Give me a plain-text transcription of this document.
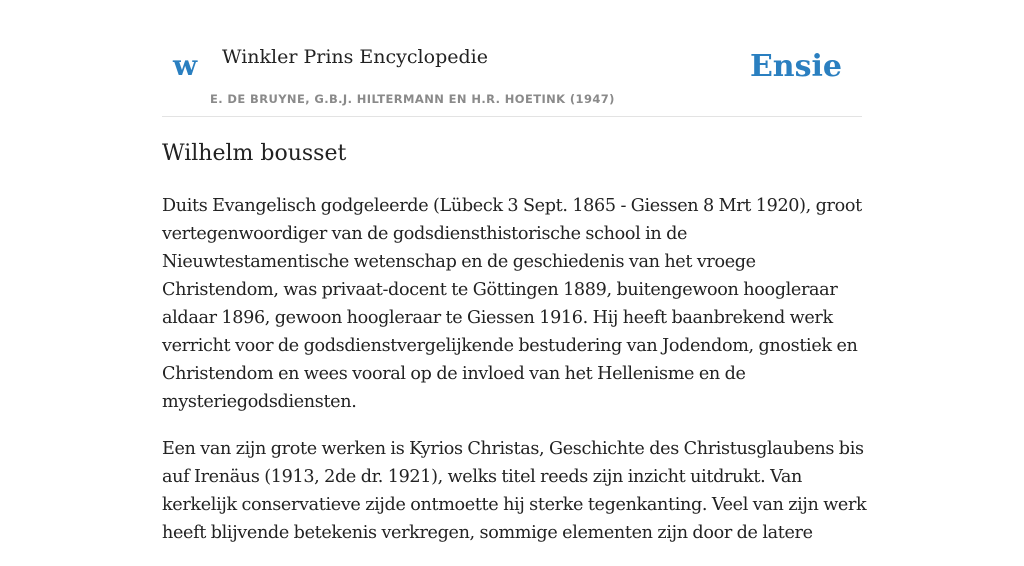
w Winkler Prins Encyclopedie
E. DE BRUYNE, G.B.J. HILTERMANN EN H.R. HOETINK (1947)
Ensie
Wilhelm bousset

Duits Evangelisch godgeleerde (Lübeck 3 Sept. 1865 - Giessen 8 Mrt 1920), groot vertegenwoordiger van de godsdiensthistorische school in de Nieuwtestamentische wetenschap en de geschiedenis van het vroege Christendom, was privaat-docent te Göttingen 1889, buitengewoon hoogleraar aldaar 1896, gewoon hoogleraar te Giessen 1916. Hij heeft baanbrekend werk verricht voor de godsdienstvergelijkende bestudering van Jodendom, gnostiek en Christendom en wees vooral op de invloed van het Hellenisme en de mysteriegodsdiensten.

Een van zijn grote werken is Kyrios Christas, Geschichte des Christusglaubens bis auf Irenäus (1913, 2de dr. 1921), welks titel reeds zijn inzicht uitdrukt. Van kerkelijk conservatieve zijde ontmoette hij sterke tegenkanting. Veel van zijn werk heeft blijvende betekenis verkregen, sommige elementen zijn door de latere
